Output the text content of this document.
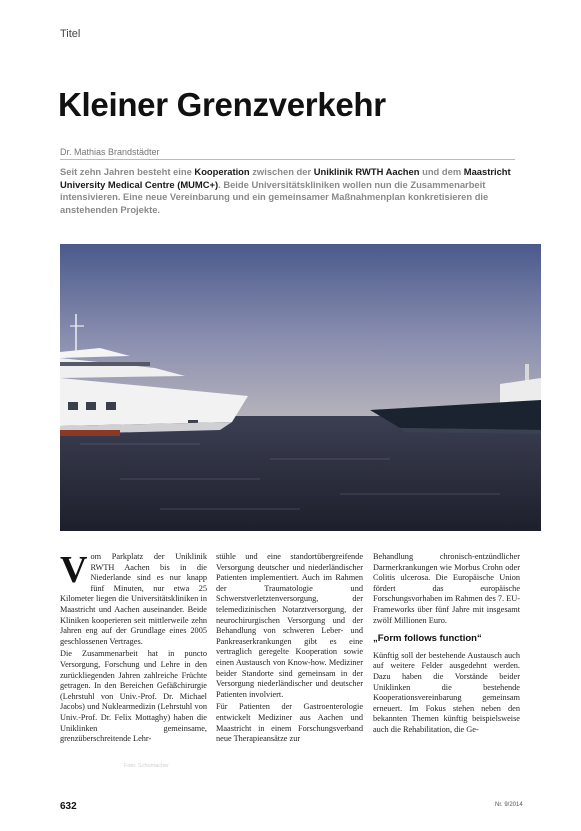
Titel
Kleiner Grenzverkehr
Dr. Mathias Brandstädter
Seit zehn Jahren besteht eine Kooperation zwischen der Uniklinik RWTH Aachen und dem Maastricht University Medical Centre (MUMC+). Beide Universitätskliniken wollen nun die Zusammenarbeit intensivieren. Eine neue Vereinbarung und ein gemeinsamer Maßnahmenplan konkretisieren die anstehenden Projekte.
Foto: Schumacher
V om Parkplatz der Uniklinik RWTH Aachen bis in die Niederlande sind es nur knapp fünf Minuten, nur etwa 25 Kilometer liegen die Universitätskliniken in Maastricht und Aachen auseinander. Beide Kliniken kooperieren seit mittlerweile zehn Jahren eng auf der Grundlage eines 2005 geschlossenen Vertrages.

Die Zusammenarbeit hat in puncto Versorgung, Forschung und Lehre in den zurückliegenden Jahren zahlreiche Früchte getragen. In den Bereichen Gefäßchirurgie (Lehrstuhl von Univ.-Prof. Dr. Michael Jacobs) und Nuklearmedizin (Lehrstuhl von Univ.-Prof. Dr. Felix Mottaghy) haben die Uniklinken gemeinsame, grenzüberschreitende Lehr-

stühle und eine standortübergreifende Versorgung deutscher und niederländischer Patienten implementiert. Auch im Rahmen der Traumatologie und Schwerstverletztenversorgung, der telemedizinischen Notarztversorgung, der neurochirurgischen Versorgung und der Behandlung von schweren Leber- und Pankreaserkrankungen gibt es eine vertraglich geregelte Kooperation sowie einen Austausch von Know-how. Mediziner beider Standorte sind gemeinsam in der Versorgung niederländischer und deutscher Patienten involviert.

Für Patienten der Gastroenterologie entwickelt Mediziner aus Aachen und Maastricht in einem Forschungsverband neue Therapieansätze zur

Behandlung chronisch-entzündlicher Darmerkrankungen wie Morbus Crohn oder Colitis ulcerosa. Die Europäische Union fördert das europäische Forschungsvorhaben im Rahmen des 7. EU-Frameworks über fünf Jahre mit insgesamt zwölf Millionen Euro.

„Form follows function“

Künftig soll der bestehende Austausch auch auf weitere Felder ausgedehnt werden. Dazu haben die Vorstände beider Uniklinken die bestehende Kooperationsvereinbarung gemeinsam erneuert. Im Fokus stehen neben den bekannten Themen künftig beispielsweise auch die Rehabilitation, die Ge-

632	Nr. 9/2014
